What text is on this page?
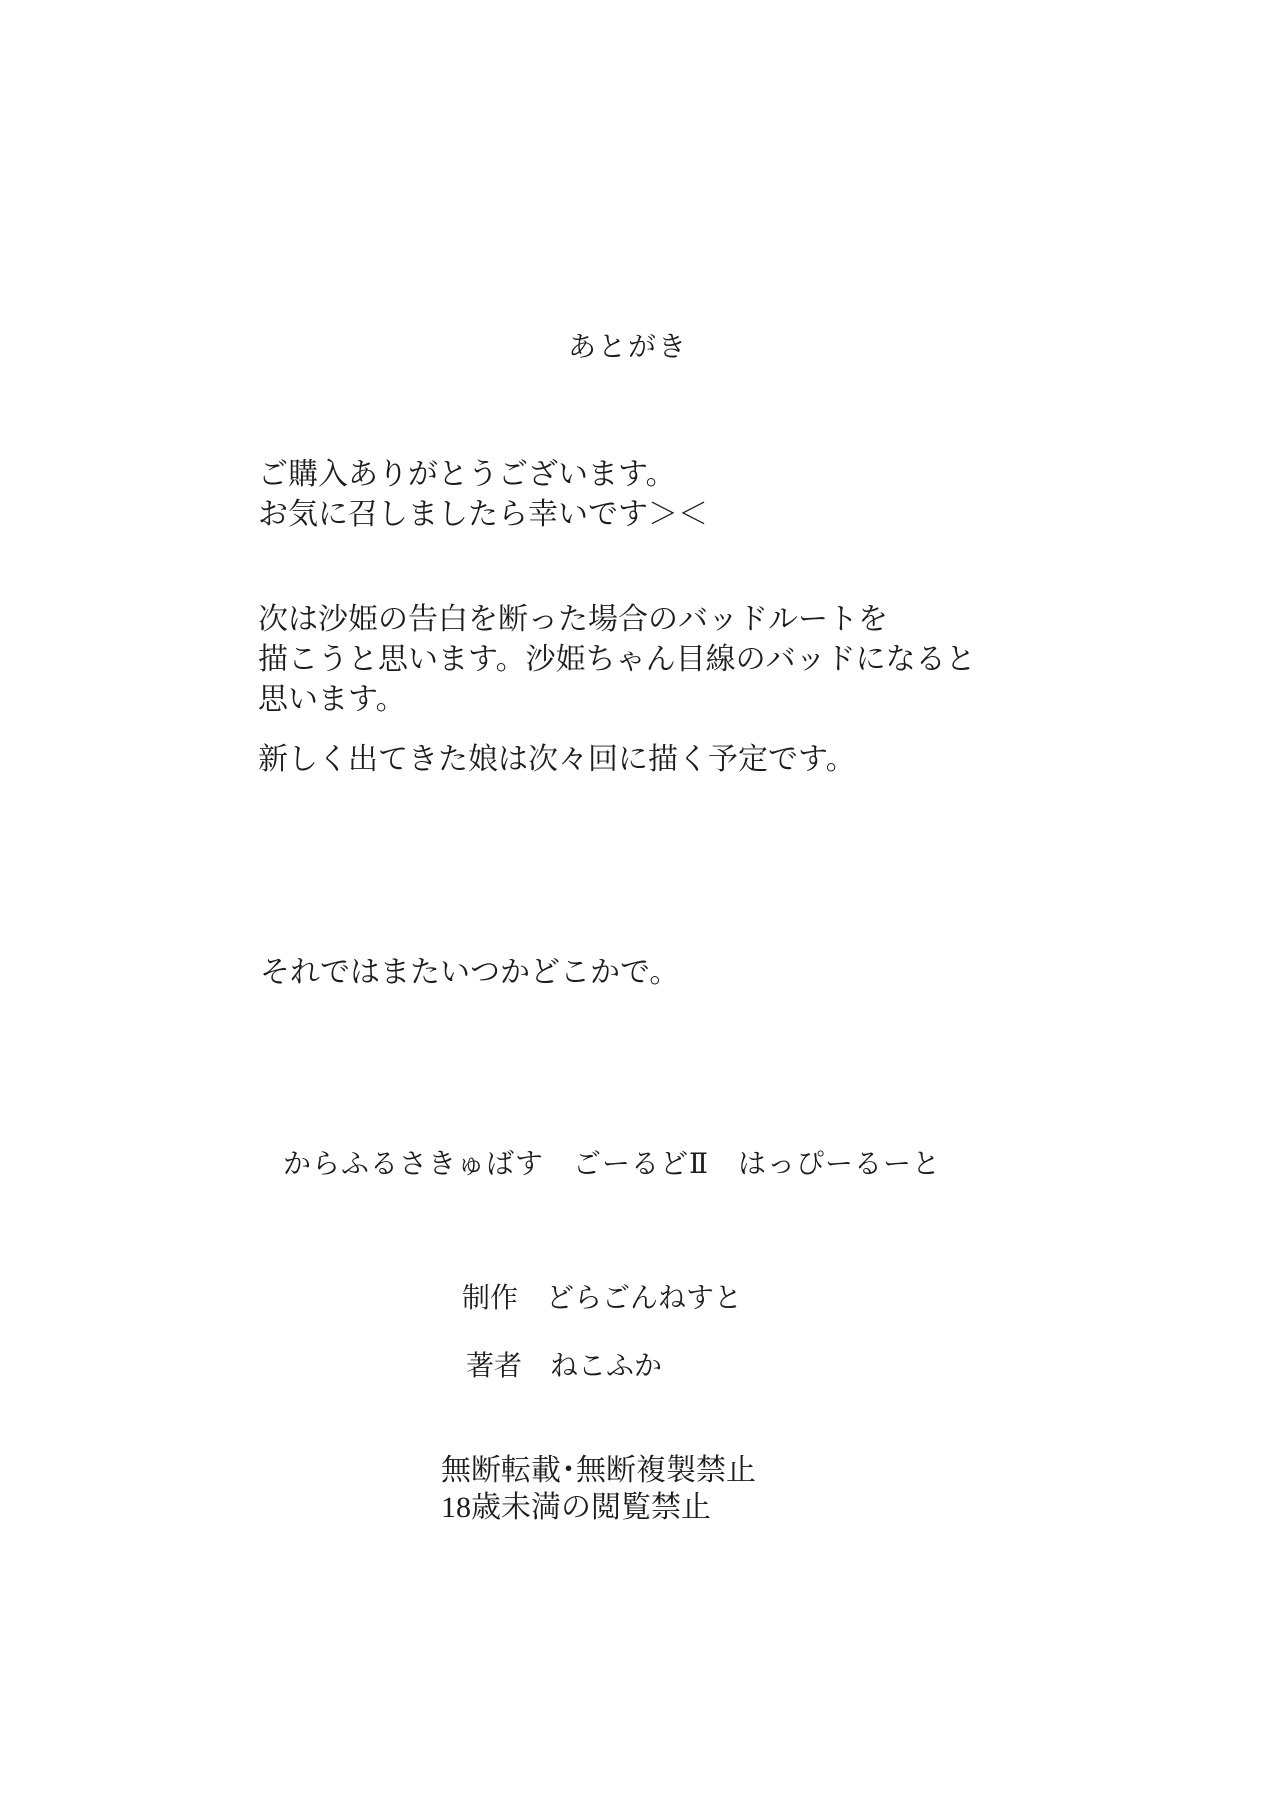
あとがき
ご購入ありがとうございます。
お気に召しましたら幸いです＞＜
次は沙姫の告白を断った場合のバッドルートを
描こうと思います。沙姫ちゃん目線のバッドになると
思います。
新しく出てきた娘は次々回に描く予定です。
それではまたいつかどこかで。
からふるさきゅばす　ごーるどⅡ　はっぴーるーと
制作　どらごんねすと
著者　ねこふか
無断転載･無断複製禁止
18歳未満の閲覧禁止
